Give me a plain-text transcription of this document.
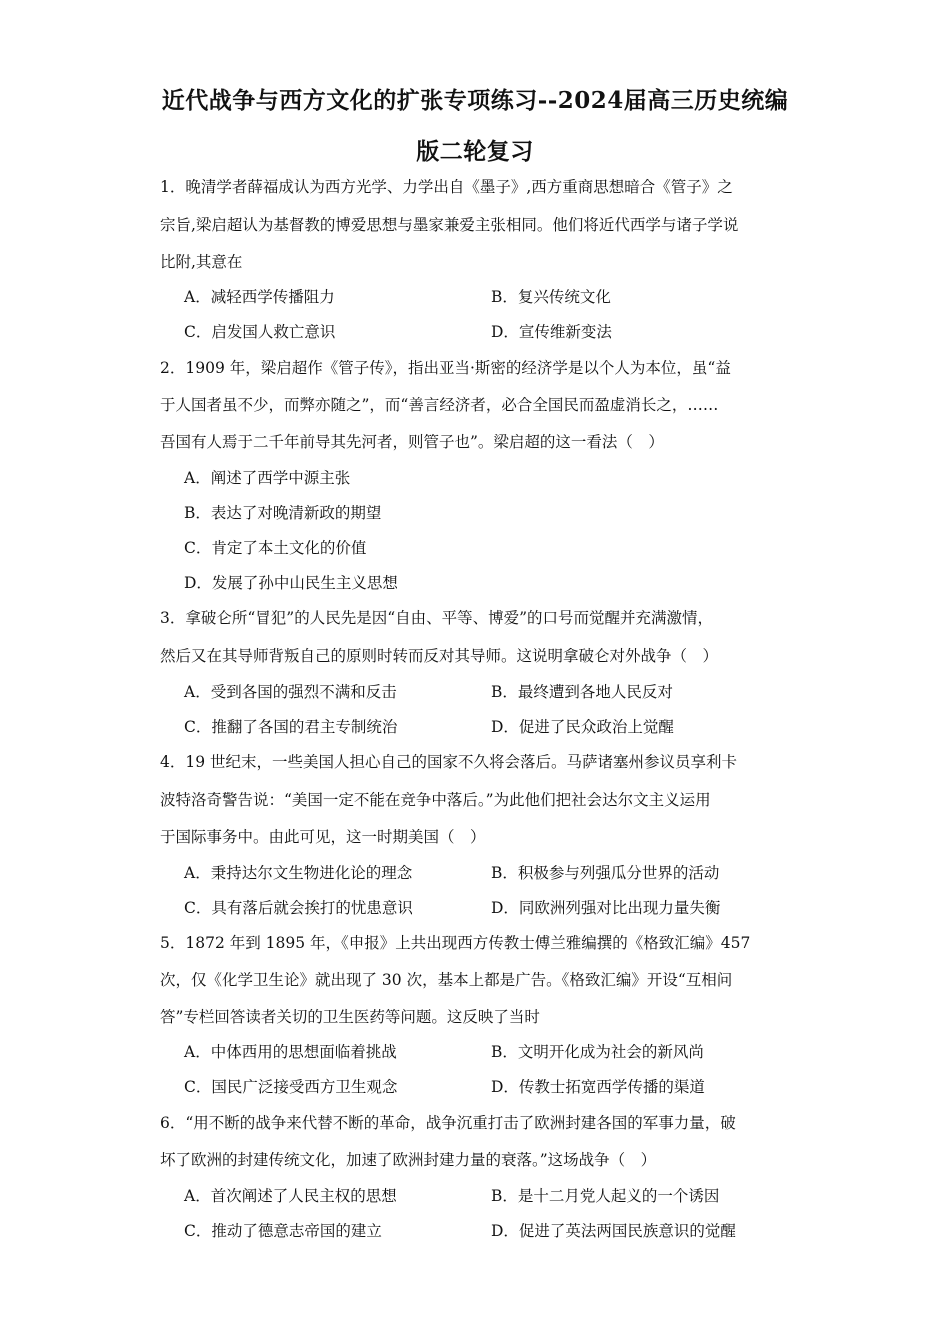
近代战争与西方文化的扩张专项练习--2024届高三历史统编
版二轮复习
1．晚清学者薛福成认为西方光学、力学出自《墨子》,西方重商思想暗合《管子》之
宗旨,梁启超认为基督教的博爱思想与墨家兼爱主张相同。他们将近代西学与诸子学说
比附,其意在
A．减轻西学传播阻力	B．复兴传统文化
C．启发国人救亡意识	D．宣传维新变法
2．1909 年，梁启超作《管子传》，指出亚当·斯密的经济学是以个人为本位，虽“益
于人国者虽不少，而弊亦随之”，而“善言经济者，必合全国民而盈虚消长之，……
吾国有人焉于二千年前导其先河者，则管子也”。梁启超的这一看法（　）
A．阐述了西学中源主张
B．表达了对晚清新政的期望
C．肯定了本土文化的价值
D．发展了孙中山民生主义思想
3．拿破仑所“冒犯”的人民先是因“自由、平等、博爱”的口号而觉醒并充满激情，
然后又在其导师背叛自己的原则时转而反对其导师。这说明拿破仑对外战争（　）
A．受到各国的强烈不满和反击	B．最终遭到各地人民反对
C．推翻了各国的君主专制统治	D．促进了民众政治上觉醒
4．19 世纪末，一些美国人担心自己的国家不久将会落后。马萨诸塞州参议员享利卡
波特洛奇警告说：“美国一定不能在竞争中落后。”为此他们把社会达尔文主义运用
于国际事务中。由此可见，这一时期美国（　）
A．秉持达尔文生物进化论的理念	B．积极参与列强瓜分世界的活动
C．具有落后就会挨打的忧患意识	D．同欧洲列强对比出现力量失衡
5．1872 年到 1895 年，《申报》上共出现西方传教士傅兰雅编撰的《格致汇编》457
次，仅《化学卫生论》就出现了 30 次，基本上都是广告。《格致汇编》开设“互相问
答”专栏回答读者关切的卫生医药等问题。这反映了当时
A．中体西用的思想面临着挑战	B．文明开化成为社会的新风尚
C．国民广泛接受西方卫生观念	D．传教士拓宽西学传播的渠道
6．“用不断的战争来代替不断的革命，战争沉重打击了欧洲封建各国的军事力量，破
坏了欧洲的封建传统文化，加速了欧洲封建力量的衰落。”这场战争（　）
A．首次阐述了人民主权的思想	B．是十二月党人起义的一个诱因
C．推动了德意志帝国的建立	D．促进了英法两国民族意识的觉醒
